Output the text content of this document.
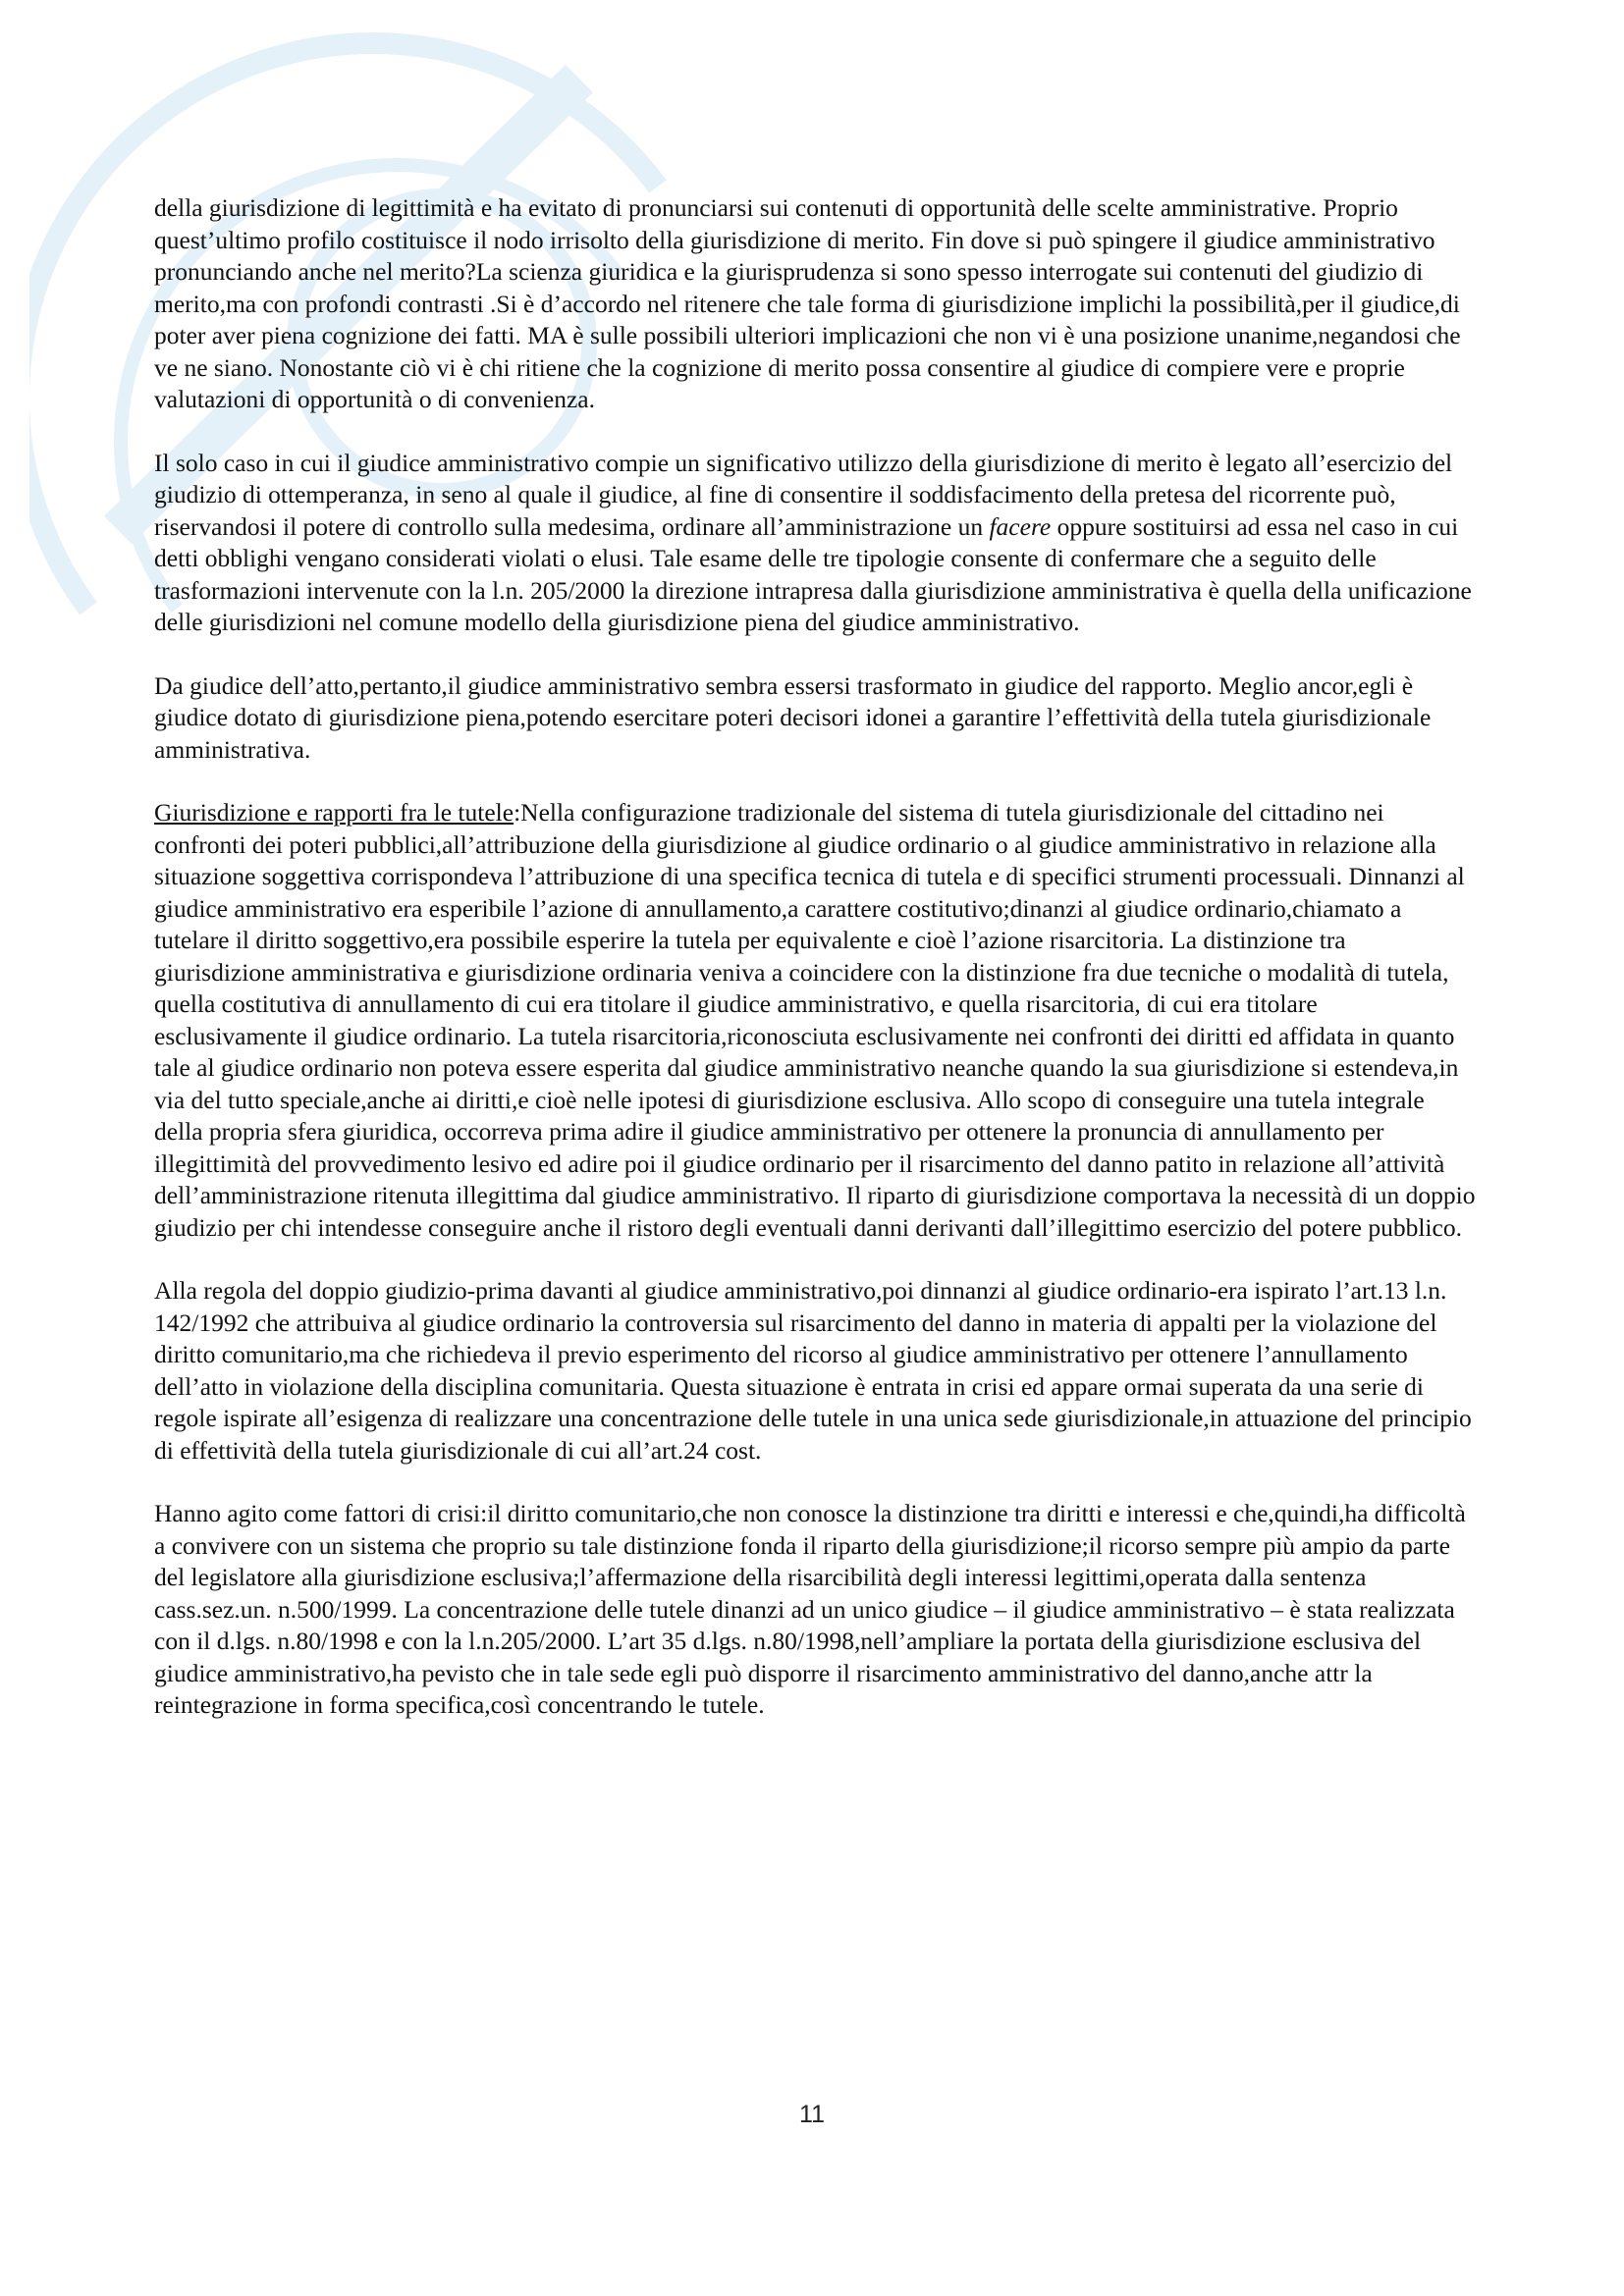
della giurisdizione di legittimità e ha evitato di pronunciarsi sui contenuti di opportunità delle scelte amministrative. Proprio quest’ultimo profilo costituisce il nodo irrisolto della giurisdizione di merito. Fin dove si può spingere il giudice amministrativo pronunciando anche nel merito?La scienza giuridica e la giurisprudenza si sono spesso interrogate sui contenuti del giudizio di merito,ma con profondi contrasti .Si è d’accordo nel ritenere che tale forma di giurisdizione implichi la possibilità,per il giudice,di poter aver piena cognizione dei fatti. MA è sulle possibili ulteriori implicazioni che non vi è una posizione unanime,negandosi che ve ne siano. Nonostante ciò vi è chi ritiene che la cognizione di merito possa consentire al giudice di compiere vere e proprie valutazioni di opportunità o di convenienza.

Il solo caso in cui il giudice amministrativo compie un significativo utilizzo della giurisdizione di merito è legato all’esercizio del giudizio di ottemperanza, in seno al quale il giudice, al fine di consentire il soddisfacimento della pretesa del ricorrente può, riservandosi il potere di controllo sulla medesima, ordinare all’amministrazione un facere oppure sostituirsi ad essa nel caso in cui detti obblighi vengano considerati violati o elusi. Tale esame delle tre tipologie consente di confermare che a seguito delle trasformazioni intervenute con la l.n. 205/2000 la direzione intrapresa dalla giurisdizione amministrativa è quella della unificazione delle giurisdizioni nel comune modello della giurisdizione piena del giudice amministrativo.

Da giudice dell’atto,pertanto,il giudice amministrativo sembra essersi trasformato in giudice del rapporto. Meglio ancor,egli è giudice dotato di giurisdizione piena,potendo esercitare poteri decisori idonei a garantire l’effettività della tutela giurisdizionale amministrativa.

Giurisdizione e rapporti fra le tutele:Nella configurazione tradizionale del sistema di tutela giurisdizionale del cittadino nei confronti dei poteri pubblici,all’attribuzione della giurisdizione al giudice ordinario o al giudice amministrativo in relazione alla situazione soggettiva corrispondeva l’attribuzione di una specifica tecnica di tutela e di specifici strumenti processuali. Dinnanzi al giudice amministrativo era esperibile l’azione di annullamento,a carattere costitutivo;dinanzi al giudice ordinario,chiamato a tutelare il diritto soggettivo,era possibile esperire la tutela per equivalente e cioè l’azione risarcitoria. La distinzione tra giurisdizione amministrativa e giurisdizione ordinaria veniva a coincidere con la distinzione fra due tecniche o modalità di tutela, quella costitutiva di annullamento di cui era titolare il giudice amministrativo, e quella risarcitoria, di cui era titolare esclusivamente il giudice ordinario. La tutela risarcitoria,riconosciuta esclusivamente nei confronti dei diritti ed affidata in quanto tale al giudice ordinario non poteva essere esperita dal giudice amministrativo neanche quando la sua giurisdizione si estendeva,in via del tutto speciale,anche ai diritti,e cioè nelle ipotesi di giurisdizione esclusiva. Allo scopo di conseguire una tutela integrale della propria sfera giuridica, occorreva prima adire il giudice amministrativo per ottenere la pronuncia di annullamento per illegittimità del provvedimento lesivo ed adire poi il giudice ordinario per il risarcimento del danno patito in relazione all’attività dell’amministrazione ritenuta illegittima dal giudice amministrativo. Il riparto di giurisdizione comportava la necessità di un doppio giudizio per chi intendesse conseguire anche il ristoro degli eventuali danni derivanti dall’illegittimo esercizio del potere pubblico.

Alla regola del doppio giudizio-prima davanti al giudice amministrativo,poi dinnanzi al giudice ordinario-era ispirato l’art.13 l.n. 142/1992 che attribuiva al giudice ordinario la controversia sul risarcimento del danno in materia di appalti per la violazione del diritto comunitario,ma che richiedeva il previo esperimento del ricorso al giudice amministrativo per ottenere l’annullamento dell’atto in violazione della disciplina comunitaria. Questa situazione è entrata in crisi ed appare ormai superata da una serie di regole ispirate all’esigenza di realizzare una concentrazione delle tutele in una unica sede giurisdizionale,in attuazione del principio di effettività della tutela giurisdizionale di cui all’art.24 cost.

Hanno agito come fattori di crisi:il diritto comunitario,che non conosce la distinzione tra diritti e interessi e che,quindi,ha difficoltà a convivere con un sistema che proprio su tale distinzione fonda il riparto della giurisdizione;il ricorso sempre più ampio da parte del legislatore alla giurisdizione esclusiva;l’affermazione della risarcibilità degli interessi legittimi,operata dalla sentenza cass.sez.un. n.500/1999. La concentrazione delle tutele dinanzi ad un unico giudice – il giudice amministrativo – è stata realizzata con il d.lgs. n.80/1998 e con la l.n.205/2000. L’art 35 d.lgs. n.80/1998,nell’ampliare la portata della giurisdizione esclusiva del giudice amministrativo,ha pevisto che in tale sede egli può disporre il risarcimento amministrativo del danno,anche attr la reintegrazione in forma specifica,così concentrando le tutele.

11
